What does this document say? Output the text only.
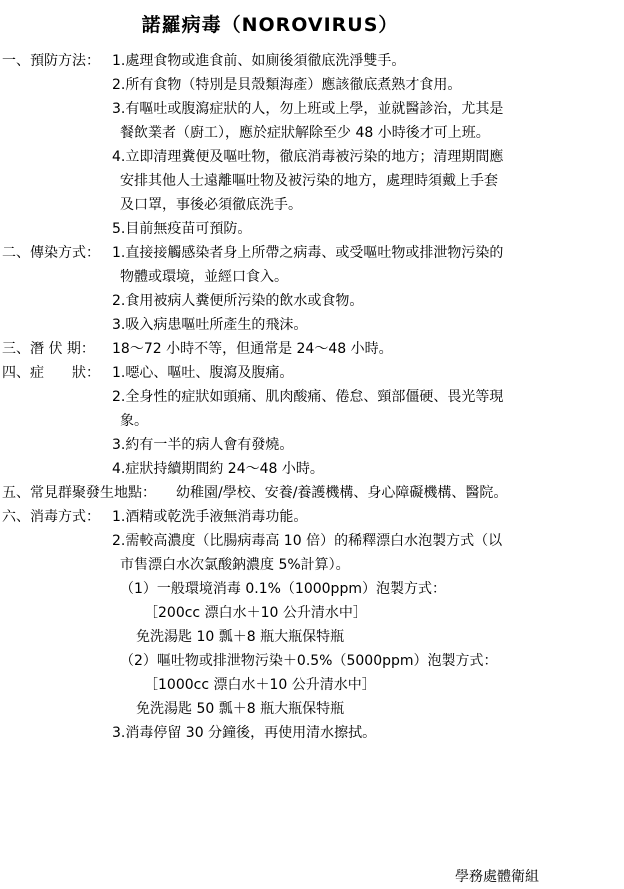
諾羅病毒（NOROVIRUS）
一、預防方法： 1.處理食物或進食前、如廁後須徹底洗淨雙手。
2.所有食物（特別是貝殼類海產）應該徹底煮熟才食用。
3.有嘔吐或腹瀉症狀的人，勿上班或上學，並就醫診治，尤其是
餐飲業者（廚工），應於症狀解除至少 48 小時後才可上班。
4.立即清理糞便及嘔吐物，徹底消毒被污染的地方；清理期間應
安排其他人士遠離嘔吐物及被污染的地方，處理時須戴上手套
及口罩，事後必須徹底洗手。
5.目前無疫苗可預防。
二、傳染方式： 1.直接接觸感染者身上所帶之病毒、或受嘔吐物或排泄物污染的
物體或環境，並經口食入。
2.食用被病人糞便所污染的飲水或食物。
3.吸入病患嘔吐所產生的飛沫。
三、潛 伏 期：	18～72 小時不等，但通常是 24～48 小時。
四、症　　狀： 1.噁心、嘔吐、腹瀉及腹痛。
2.全身性的症狀如頭痛、肌肉酸痛、倦怠、頸部僵硬、畏光等現
象。
3.約有一半的病人會有發燒。
4.症狀持續期間約 24～48 小時。
五、常見群聚發生地點： 幼稚園/學校、安養/養護機構、身心障礙機構、醫院。
六、消毒方式： 1.酒精或乾洗手液無消毒功能。
2.需較高濃度（比腸病毒高 10 倍）的稀釋漂白水泡製方式（以
市售漂白水次氯酸鈉濃度 5%計算）。
（1）一般環境消毒 0.1%（1000ppm）泡製方式：
［200cc 漂白水＋10 公升清水中］
免洗湯匙 10 瓢＋8 瓶大瓶保特瓶
（2）嘔吐物或排泄物污染＋0.5%（5000ppm）泡製方式：
［1000cc 漂白水＋10 公升清水中］
免洗湯匙 50 瓢＋8 瓶大瓶保特瓶
3.消毒停留 30 分鐘後，再使用清水擦拭。
學務處體衛組
